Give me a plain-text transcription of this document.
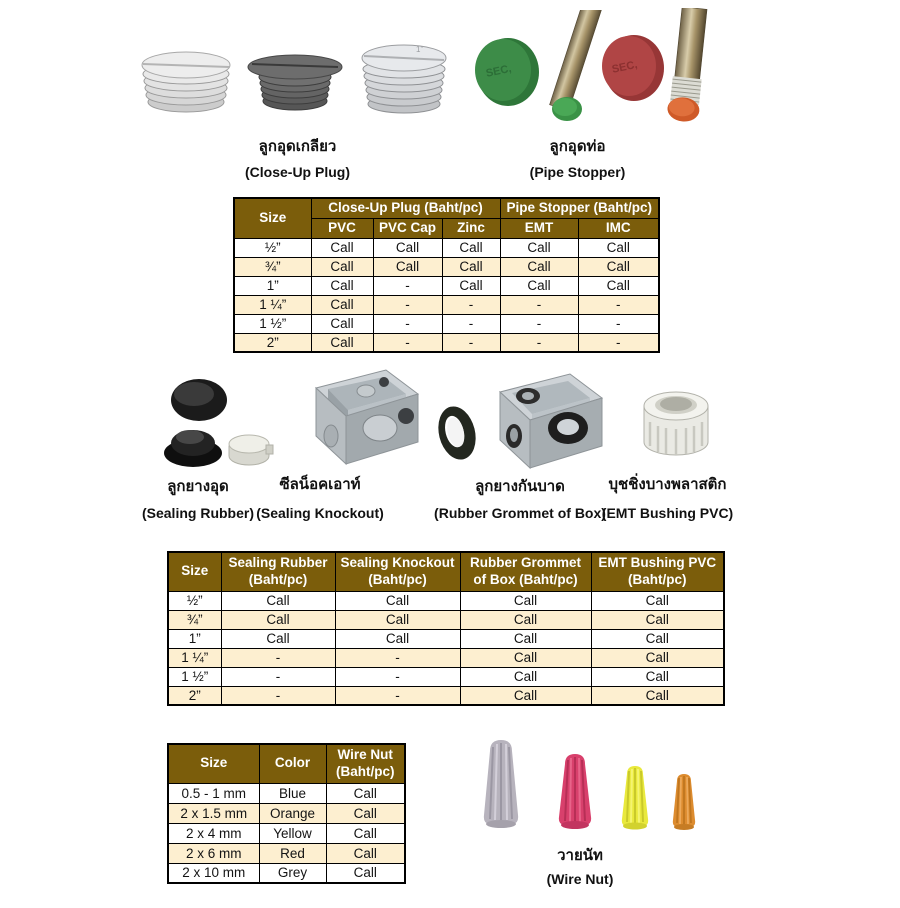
1”
SEC,	SEC,
ลูกอุดเกลียว
(Close-Up Plug)
ลูกอุดท่อ
(Pipe Stopper)
Size	Close-Up Plug (Baht/pc)			Pipe Stopper (Baht/pc)	
	PVC	PVC Cap	Zinc	EMT	IMC
½”	Call	Call	Call	Call	Call
¾”	Call	Call	Call	Call	Call
1”	Call	-	Call	Call	Call
1 ¼”	Call	-	-	-	-
1 ½”	Call	-	-	-	-
2”	Call	-	-	-	-
ลูกยางอุด
(Sealing Rubber)
ซีลน็อคเอาท์
(Sealing Knockout)
ลูกยางกันบาด
(Rubber Grommet of Box)
บุชชิ่งบางพลาสติก
(EMT Bushing PVC)
Size	Sealing Rubber (Baht/pc)	Sealing Knockout (Baht/pc)	Rubber Grommet of Box (Baht/pc)	EMT Bushing PVC (Baht/pc)
½”	Call	Call	Call	Call
¾”	Call	Call	Call	Call
1”	Call	Call	Call	Call
1 ¼”	-	-	Call	Call
1 ½”	-	-	Call	Call
2”	-	-	Call	Call
Size	Color	Wire Nut (Baht/pc)
0.5 - 1 mm	Blue	Call
2 x 1.5 mm	Orange	Call
2 x 4 mm	Yellow	Call
2 x 6 mm	Red	Call
2 x 10 mm	Grey	Call
วายนัท
(Wire Nut)
